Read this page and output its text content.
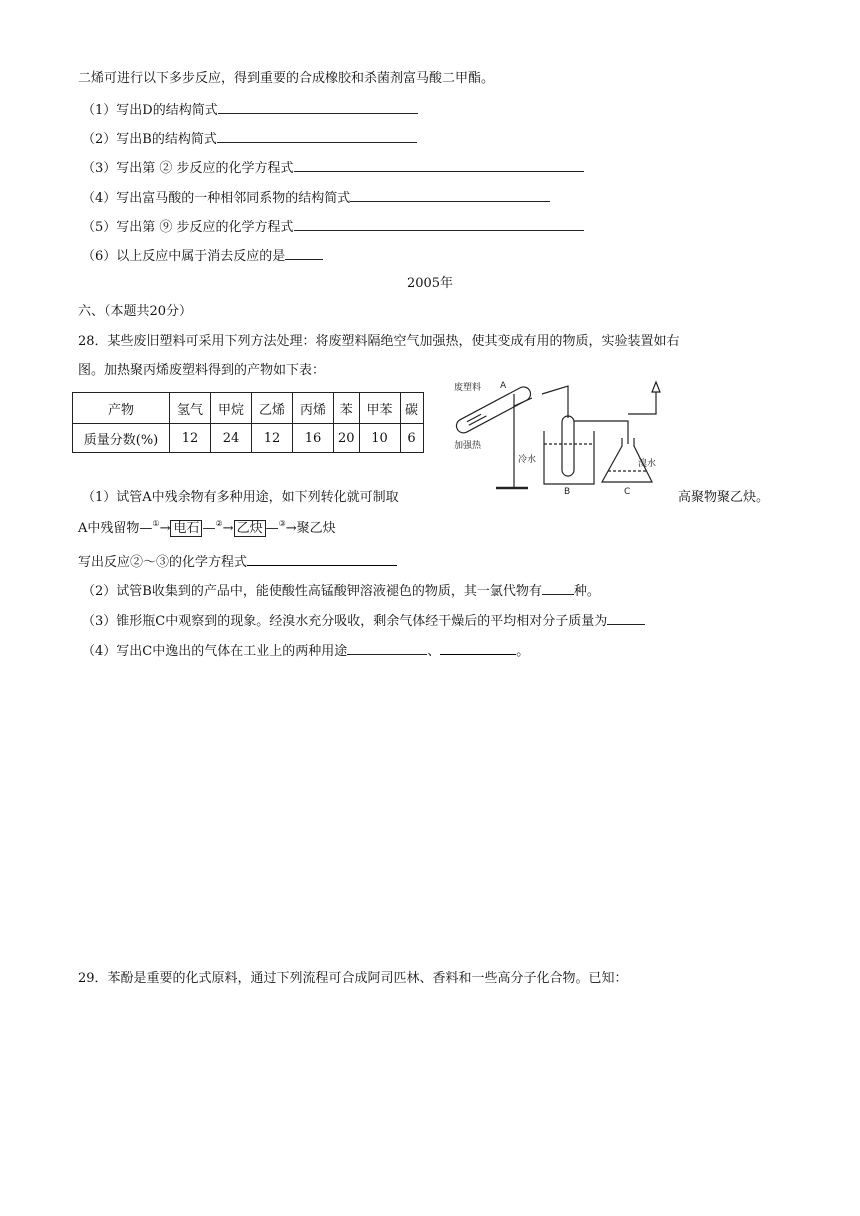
二烯可进行以下多步反应，得到重要的合成橡胶和杀菌剂富马酸二甲酯。
（1）写出D的结构简式
（2）写出B的结构简式
（3）写出第 ② 步反应的化学方程式
（4）写出富马酸的一种相邻同系物的结构简式
（5）写出第 ⑨ 步反应的化学方程式
（6）以上反应中属于消去反应的是
2005年
六、（本题共20分）
28．某些废旧塑料可采用下列方法处理：将废塑料隔绝空气加强热，使其变成有用的物质，实验装置如右
图。加热聚丙烯废塑料得到的产物如下表：
产物	氢气	甲烷	乙烯	丙烯	苯	甲苯	碳
质量分数(%)	12	24	12	16	20	10	6
废塑料 A
加强热
冷水
B	C
溴水
（1）试管A中残余物有多种用途，如下列转化就可制取	高聚物聚乙炔。
A中残留物—①→ 电石 —②→ 乙炔 —③→聚乙炔
写出反应②～③的化学方程式
（2）试管B收集到的产品中，能使酸性高锰酸钾溶液褪色的物质，其一氯代物有 种。
（3）锥形瓶C中观察到的现象。经溴水充分吸收，剩余气体经干燥后的平均相对分子质量为
（4）写出C中逸出的气体在工业上的两种用途	、	。
29．苯酚是重要的化式原料，通过下列流程可合成阿司匹林、香料和一些高分子化合物。已知：
